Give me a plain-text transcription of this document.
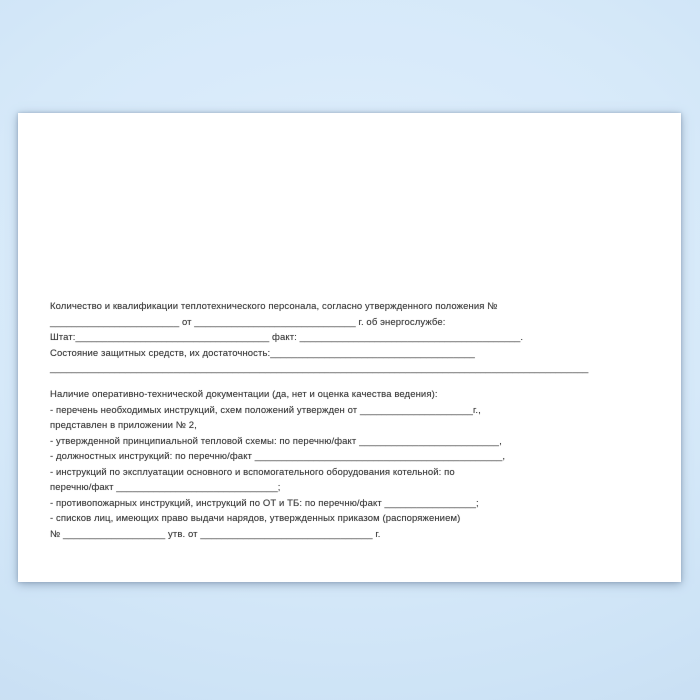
Количество и квалификации теплотехнического персонала, согласно утвержденного положения №
________________________ от ______________________________ г. об энергослужбе:
Штат:____________________________________ факт: _________________________________________.
Состояние защитных средств, их достаточность:______________________________________
____________________________________________________________________________________________________
Наличие оперативно-технической документации (да, нет и оценка качества ведения):
- перечень необходимых инструкций, схем положений утвержден от _____________________г.,
представлен в приложении № 2,
- утвержденной принципиальной тепловой схемы: по перечню/факт __________________________,
- должностных инструкций: по перечню/факт ______________________________________________,
- инструкций по эксплуатации основного и вспомогательного оборудования котельной: по
перечню/факт ______________________________;
- противопожарных инструкций, инструкций по ОТ и ТБ: по перечню/факт _________________;
- списков лиц, имеющих право выдачи нарядов, утвержденных приказом (распоряжением)
№ ___________________ утв. от ________________________________ г.
